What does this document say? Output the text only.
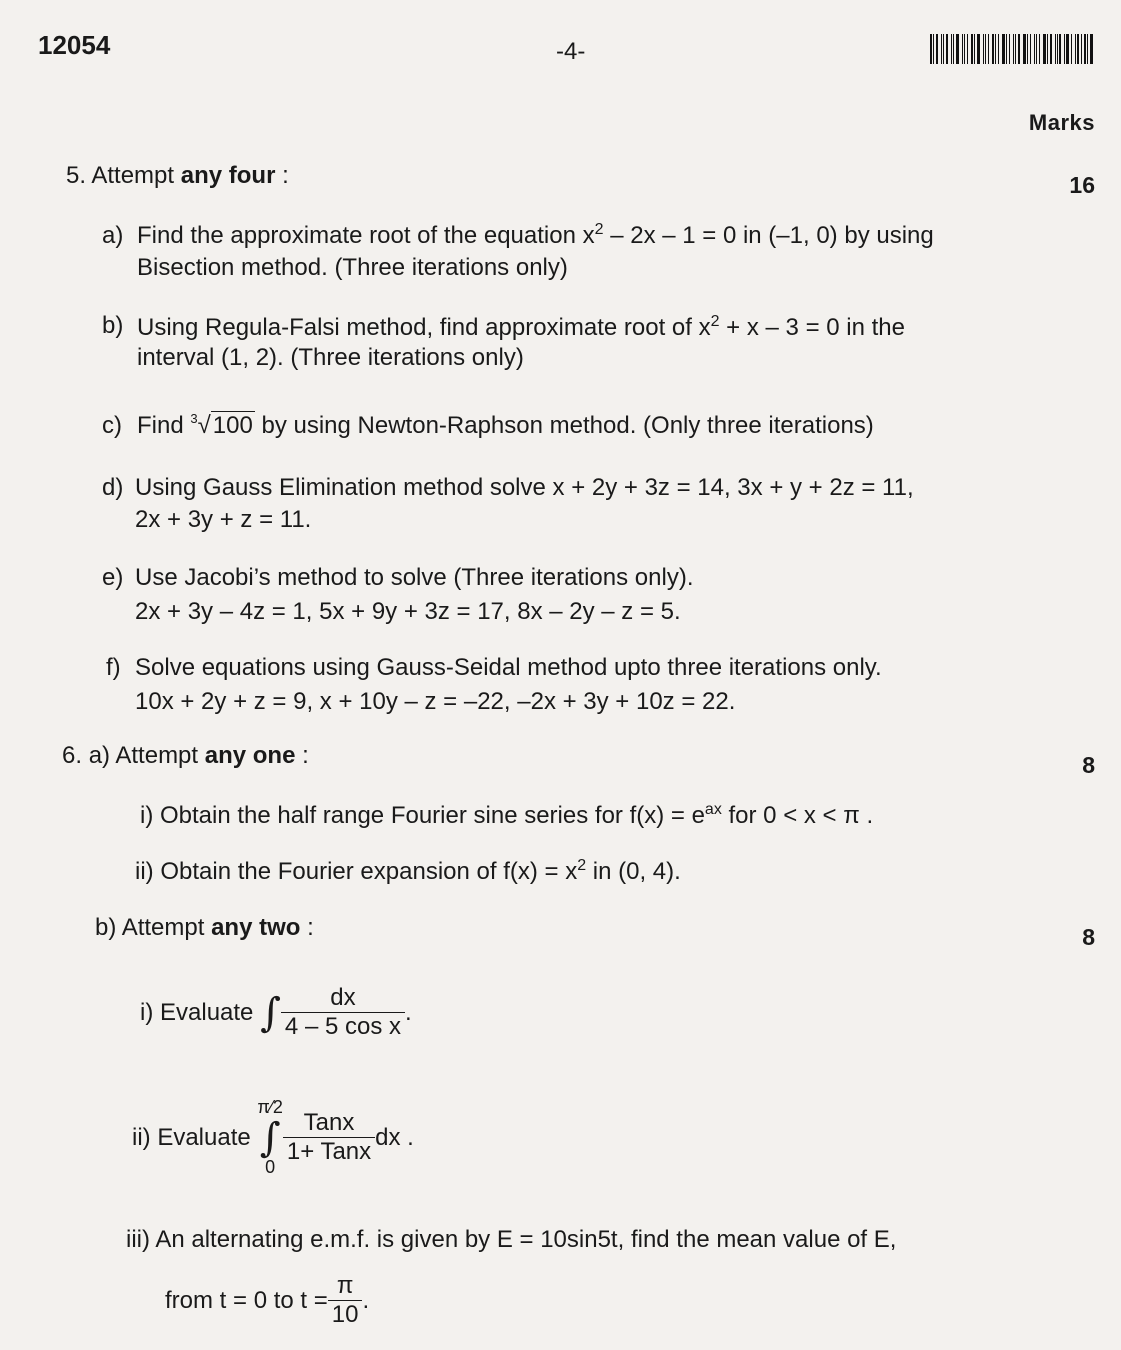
12054	-4-
Marks
5. Attempt any four :	16
a) Find the approximate root of the equation $x^2 - 2x - 1 = 0$ in (–1, 0) by using
Bisection method. (Three iterations only)
b) Using Regula-Falsi method, find approximate root of $x^2 + x - 3 = 0$ in the
interval (1, 2). (Three iterations only)
c) Find $^3$√100 by using Newton-Raphson method. (Only three iterations)
d) Using Gauss Elimination method solve x + 2y + 3z = 14, 3x + y + 2z = 11,
2x + 3y + z = 11.
e) Use Jacobi’s method to solve (Three iterations only).
2x + 3y – 4z = 1, 5x + 9y + 3z = 17, 8x – 2y – z = 5.
f) Solve equations using Gauss-Seidal method upto three iterations only.
10x + 2y + z = 9, x + 10y – z = –22, –2x + 3y + 10z = 22.
6. a) Attempt any one :	8
i) Obtain the half range Fourier sine series for $f(x) = e^{ax}$ for 0 < x < π .
ii) Obtain the Fourier expansion of $f(x) = x^2$ in (0, 4).
b) Attempt any two :	8
i)
Evaluate
∫ $\frac{dx}{\text{4 – 5 cos x}}$ .
ii)
Evaluate

π⁄2
∫
0
$\frac{\text{Tanx}}{\text{1+ Tanx}}$ dx .
iii) An alternating e.m.f. is given by E = 10sin5t, find the mean value of E,
from t = 0 to $t = \frac{\pi}{10}$ .
